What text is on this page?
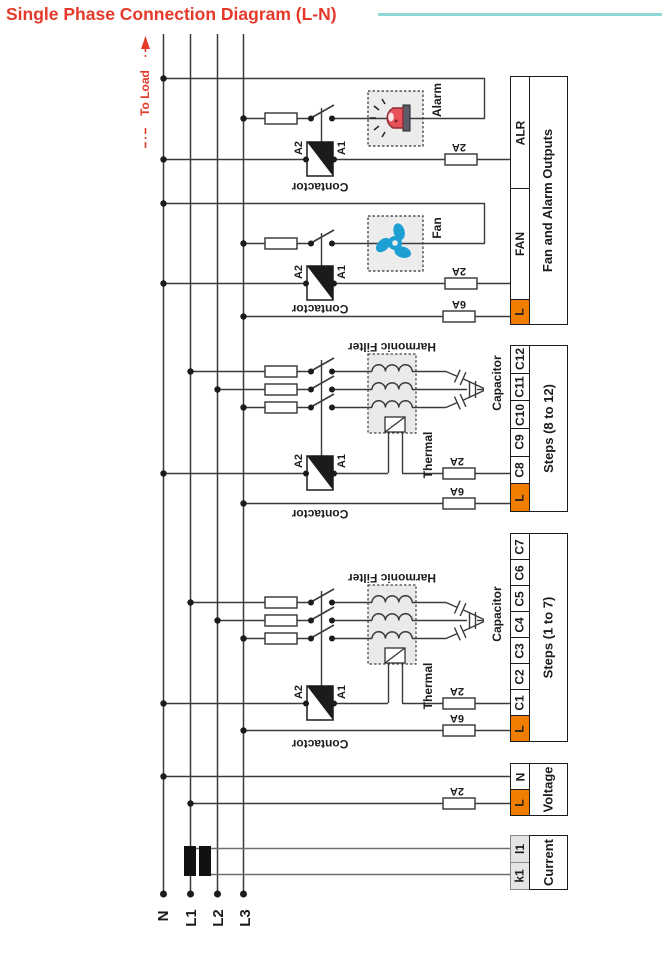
Single Phase Connection Diagram (L-N)
To Load
A2	A1
Contactor
Alarm
2A
A2	A1
Contactor
Fan
2A
6A
Harmonic Filter
A2	A1	Thermal
Capacitor
Contactor
2A
6A
Harmonic Filter
A2	A1	Thermal
Capacitor
Contactor
2A
6A
2A
N L1 L2 L3
ALR
FAN
L
Fan and Alarm Outputs
C12
C11
C10
C9
C8
L
Steps (8 to 12)
C7
C6
C5
C4
C3
C2
C1
L
Steps (1 to 7)
N
L Voltage
l1
k1 Current
